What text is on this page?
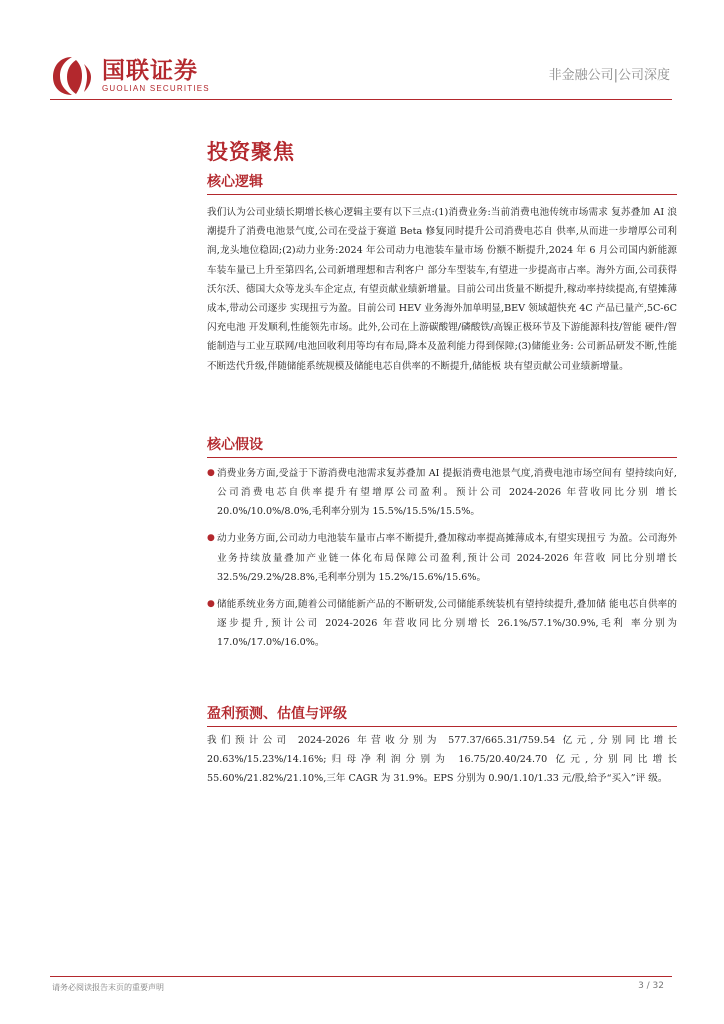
国联证券
GUOLIAN SECURITIES
非金融公司|公司深度
投资聚焦
核心逻辑

我们认为公司业绩长期增长核心逻辑主要有以下三点:(1)消费业务:当前消费电池传统市场需求 复苏叠加 AI 浪潮提升了消费电池景气度,公司在受益于赛道 Beta 修复同时提升公司消费电芯自 供率,从而进一步增厚公司利润,龙头地位稳固;(2)动力业务:2024 年公司动力电池装车量市场 份额不断提升,2024 年 6 月公司国内新能源车装车量已上升至第四名,公司新增理想和吉利客户 部分车型装车,有望进一步提高市占率。海外方面,公司获得沃尔沃、德国大众等龙头车企定点, 有望贡献业绩新增量。目前公司出货量不断提升,稼动率持续提高,有望摊薄成本,带动公司逐步 实现扭亏为盈。目前公司 HEV 业务海外加单明显,BEV 领域超快充 4C 产品已量产,5C-6C 闪充电池 开发顺利,性能领先市场。此外,公司在上游碳酸锂/磷酸铁/高镍正极环节及下游能源科技/智能 硬件/智能制造与工业互联网/电池回收利用等均有布局,降本及盈利能力得到保障;(3)储能业务: 公司新品研发不断,性能不断迭代升级,伴随储能系统规模及储能电芯自供率的不断提升,储能板 块有望贡献公司业绩新增量。

核心假设
● 消费业务方面,受益于下游消费电池需求复苏叠加 AI 提振消费电池景气度,消费电池市场空间有 望持续向好,公司消费电芯自供率提升有望增厚公司盈利。预计公司 2024-2026 年营收同比分别 增长 20.0%/10.0%/8.0%,毛利率分别为 15.5%/15.5%/15.5%。
● 动力业务方面,公司动力电池装车量市占率不断提升,叠加稼动率提高摊薄成本,有望实现扭亏 为盈。公司海外业务持续放量叠加产业链一体化布局保障公司盈利,预计公司 2024-2026 年营收 同比分别增长 32.5%/29.2%/28.8%,毛利率分别为 15.2%/15.6%/15.6%。
● 储能系统业务方面,随着公司储能新产品的不断研发,公司储能系统装机有望持续提升,叠加储 能电芯自供率的逐步提升,预计公司 2024-2026 年营收同比分别增长 26.1%/57.1%/30.9%,毛利 率分别为 17.0%/17.0%/16.0%。
盈利预测、估值与评级

我们预计公司 2024-2026 年营收分别为 577.37/665.31/759.54 亿元,分别同比增长 20.63%/15.23%/14.16%;归母净利润分别为 16.75/20.40/24.70 亿元,分别同比增长 55.60%/21.82%/21.10%,三年 CAGR 为 31.9%。EPS 分别为 0.90/1.10/1.33 元/股,给予“买入”评 级。

请务必阅读报告末页的重要声明	3 / 32
